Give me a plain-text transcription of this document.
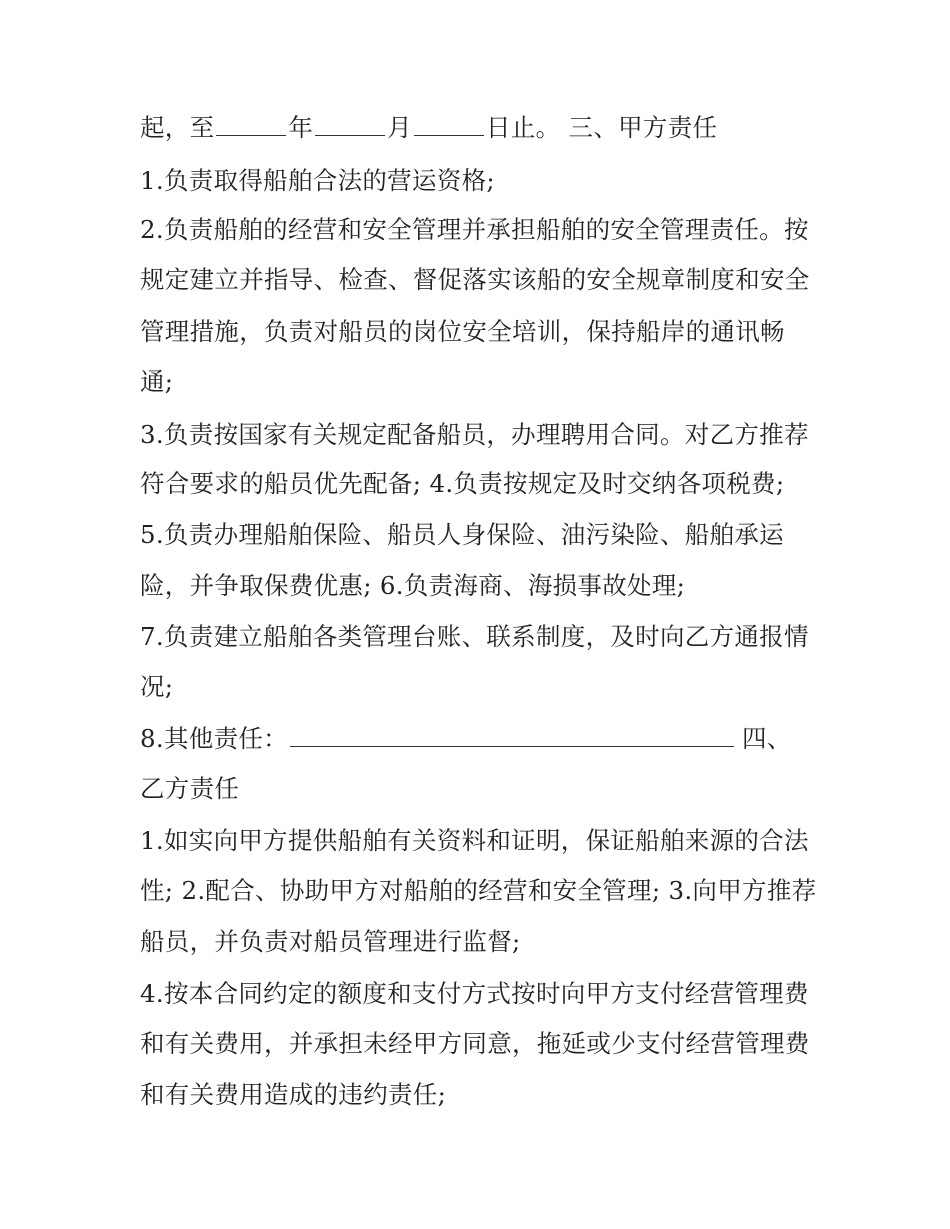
起，至	年	月	日止。 三、甲方责任
1.负责取得船舶合法的营运资格;
2.负责船舶的经营和安全管理并承担船舶的安全管理责任。按
规定建立并指导、检查、督促落实该船的安全规章制度和安全
管理措施，负责对船员的岗位安全培训，保持船岸的通讯畅
通;
3.负责按国家有关规定配备船员，办理聘用合同。对乙方推荐
符合要求的船员优先配备; 4.负责按规定及时交纳各项税费;
5.负责办理船舶保险、船员人身保险、油污染险、船舶承运
险，并争取保费优惠; 6.负责海商、海损事故处理;
7.负责建立船舶各类管理台账、联系制度，及时向乙方通报情
况;
8.其他责任：	四、
乙方责任
1.如实向甲方提供船舶有关资料和证明，保证船舶来源的合法
性; 2.配合、协助甲方对船舶的经营和安全管理; 3.向甲方推荐
船员，并负责对船员管理进行监督;
4.按本合同约定的额度和支付方式按时向甲方支付经营管理费
和有关费用，并承担未经甲方同意，拖延或少支付经营管理费
和有关费用造成的违约责任;
